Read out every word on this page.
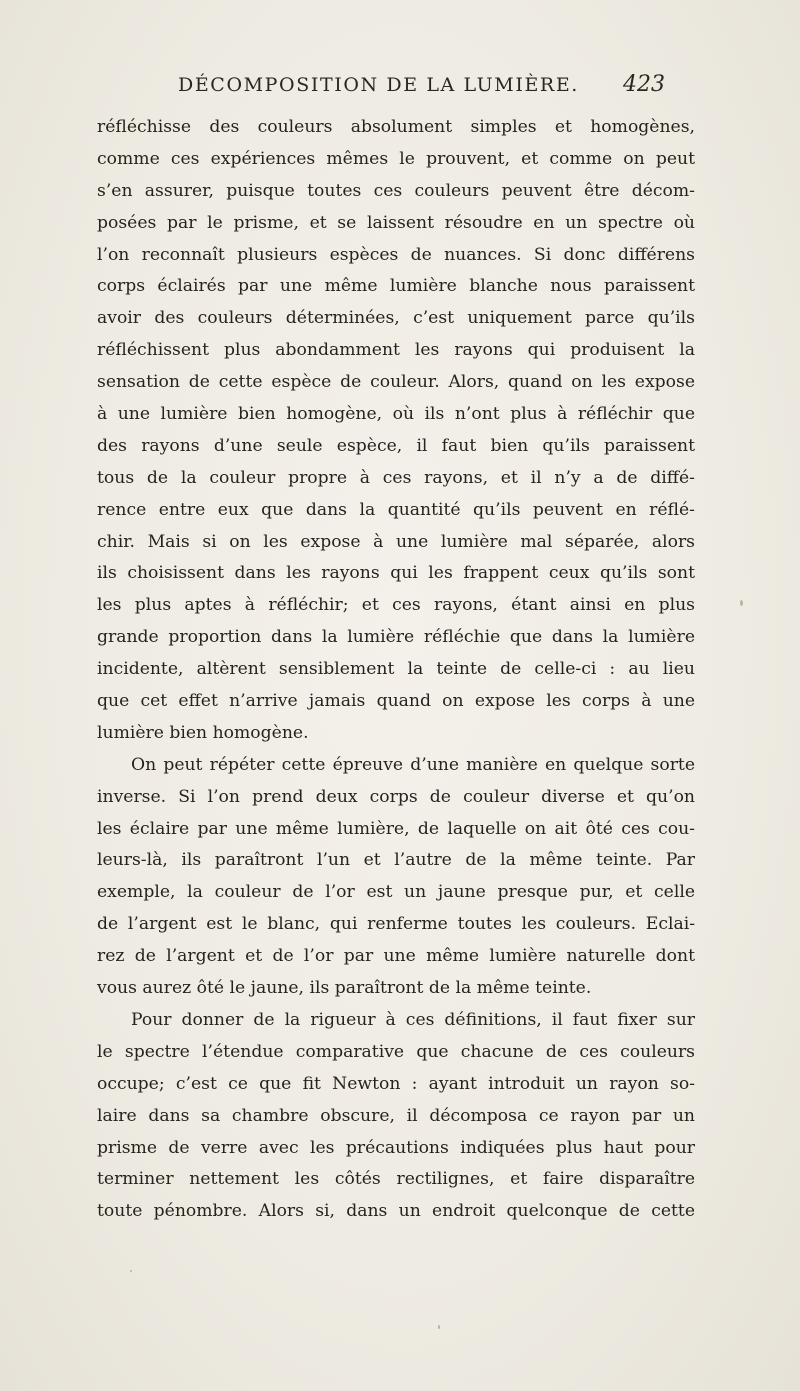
DÉCOMPOSITION DE LA LUMIÈRE. 423
réfléchisse des couleurs absolument simples et homogènes,
comme ces expériences mêmes le prouvent, et comme on peut
s’en assurer, puisque toutes ces couleurs peuvent être décom-
posées par le prisme, et se laissent résoudre en un spectre où
l’on reconnaît plusieurs espèces de nuances. Si donc différens
corps éclairés par une même lumière blanche nous paraissent
avoir des couleurs déterminées, c’est uniquement parce qu’ils
réfléchissent plus abondamment les rayons qui produisent la
sensation de cette espèce de couleur. Alors, quand on les expose
à une lumière bien homogène, où ils n’ont plus à réfléchir que
des rayons d’une seule espèce, il faut bien qu’ils paraissent
tous de la couleur propre à ces rayons, et il n’y a de diffé-
rence entre eux que dans la quantité qu’ils peuvent en réflé-
chir. Mais si on les expose à une lumière mal séparée, alors
ils choisissent dans les rayons qui les frappent ceux qu’ils sont
les plus aptes à réfléchir; et ces rayons, étant ainsi en plus
grande proportion dans la lumière réfléchie que dans la lumière
incidente, altèrent sensiblement la teinte de celle-ci : au lieu
que cet effet n’arrive jamais quand on expose les corps à une
lumière bien homogène.
On peut répéter cette épreuve d’une manière en quelque sorte
inverse. Si l’on prend deux corps de couleur diverse et qu’on
les éclaire par une même lumière, de laquelle on ait ôté ces cou-
leurs-là, ils paraîtront l’un et l’autre de la même teinte. Par
exemple, la couleur de l’or est un jaune presque pur, et celle
de l’argent est le blanc, qui renferme toutes les couleurs. Eclai-
rez de l’argent et de l’or par une même lumière naturelle dont
vous aurez ôté le jaune, ils paraîtront de la même teinte.
Pour donner de la rigueur à ces définitions, il faut fixer sur
le spectre l’étendue comparative que chacune de ces couleurs
occupe; c’est ce que fit Newton : ayant introduit un rayon so-
laire dans sa chambre obscure, il décomposa ce rayon par un
prisme de verre avec les précautions indiquées plus haut pour
terminer nettement les côtés rectilignes, et faire disparaître
toute pénombre. Alors si, dans un endroit quelconque de cette
